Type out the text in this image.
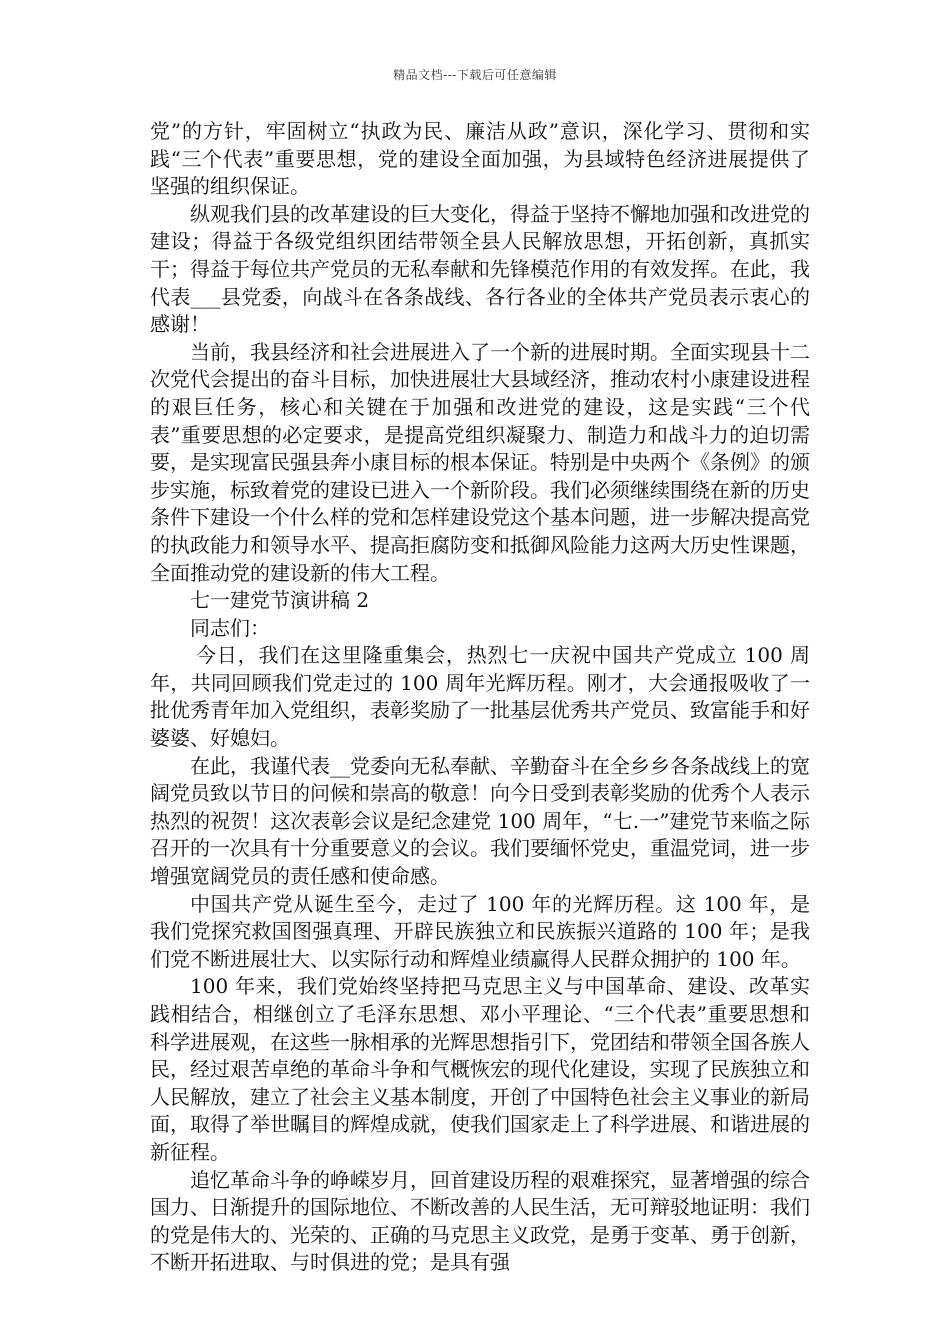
精品文档---下载后可任意编辑

党”的方针，牢固树立“执政为民、廉洁从政”意识，深化学习、贯彻和实践“三个代表”重要思想，党的建设全面加强，为县域特色经济进展提供了坚强的组织保证。

纵观我们县的改革建设的巨大变化，得益于坚持不懈地加强和改进党的建设；得益于各级党组织团结带领全县人民解放思想，开拓创新，真抓实干；得益于每位共产党员的无私奉献和先锋模范作用的有效发挥。在此，我代表___县党委，向战斗在各条战线、各行各业的全体共产党员表示衷心的感谢！

当前，我县经济和社会进展进入了一个新的进展时期。全面实现县十二次党代会提出的奋斗目标，加快进展壮大县域经济，推动农村小康建设进程的艰巨任务，核心和关键在于加强和改进党的建设，这是实践“三个代表”重要思想的必定要求，是提高党组织凝聚力、制造力和战斗力的迫切需要，是实现富民强县奔小康目标的根本保证。特别是中央两个《条例》的颁步实施，标致着党的建设已进入一个新阶段。我们必须继续围绕在新的历史条件下建设一个什么样的党和怎样建设党这个基本问题，进一步解决提高党的执政能力和领导水平、提高拒腐防变和抵御风险能力这两大历史性课题，全面推动党的建设新的伟大工程。

七一建党节演讲稿 2

同志们：

今日，我们在这里隆重集会，热烈七一庆祝中国共产党成立 100 周年，共同回顾我们党走过的 100 周年光辉历程。刚才，大会通报吸收了一批优秀青年加入党组织，表彰奖励了一批基层优秀共产党员、致富能手和好婆婆、好媳妇。

在此，我谨代表__党委向无私奉献、辛勤奋斗在全乡乡各条战线上的宽阔党员致以节日的问候和崇高的敬意！向今日受到表彰奖励的优秀个人表示热烈的祝贺！这次表彰会议是纪念建党 100 周年，“七.一”建党节来临之际召开的一次具有十分重要意义的会议。我们要缅怀党史，重温党词，进一步增强宽阔党员的责任感和使命感。

中国共产党从诞生至今，走过了 100 年的光辉历程。这 100 年，是我们党探究救国图强真理、开辟民族独立和民族振兴道路的 100 年；是我们党不断进展壮大、以实际行动和辉煌业绩赢得人民群众拥护的 100 年。

100 年来，我们党始终坚持把马克思主义与中国革命、建设、改革实践相结合，相继创立了毛泽东思想、邓小平理论、“三个代表”重要思想和科学进展观，在这些一脉相承的光辉思想指引下，党团结和带领全国各族人民，经过艰苦卓绝的革命斗争和气概恢宏的现代化建设，实现了民族独立和人民解放，建立了社会主义基本制度，开创了中国特色社会主义事业的新局面，取得了举世瞩目的辉煌成就，使我们国家走上了科学进展、和谐进展的新征程。

追忆革命斗争的峥嵘岁月，回首建设历程的艰难探究，显著增强的综合国力、日渐提升的国际地位、不断改善的人民生活，无可辩驳地证明：我们的党是伟大的、光荣的、正确的马克思主义政党，是勇于变革、勇于创新，不断开拓进取、与时俱进的党；是具有强
